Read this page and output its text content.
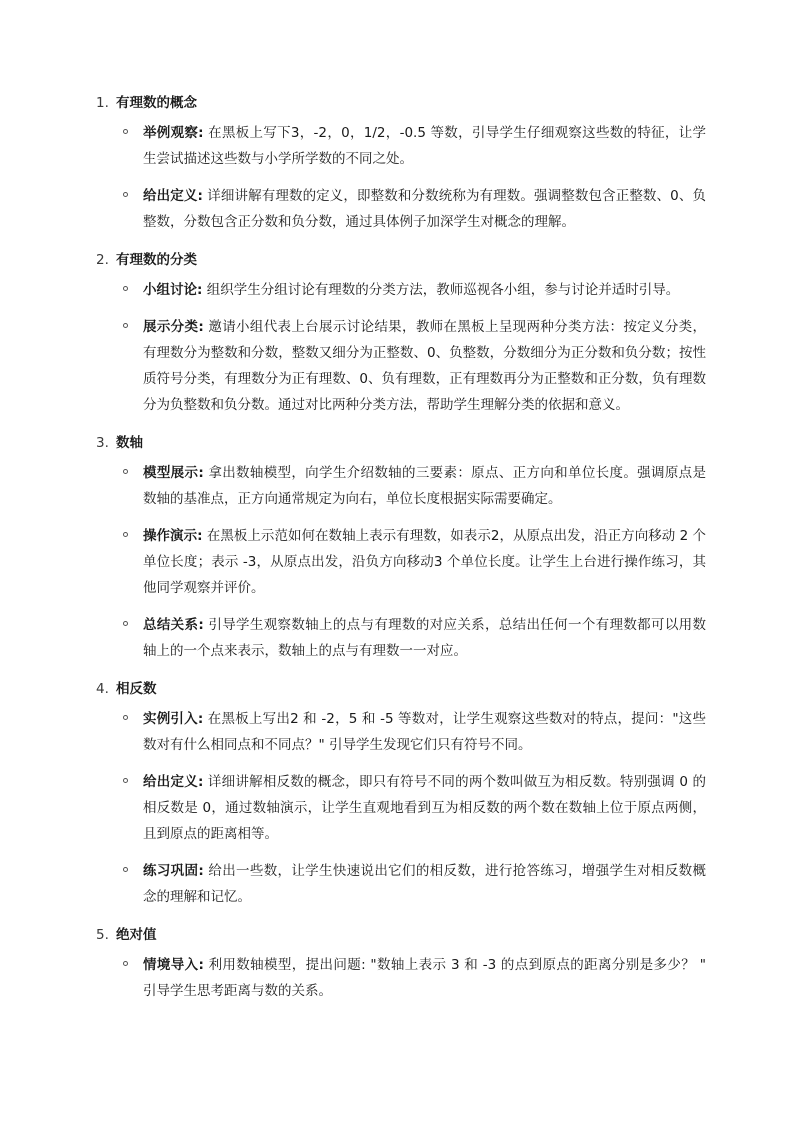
1. 有理数的概念
举例观察: 在黑板上写下3，-2，0，1/2，-0.5 等数，引导学生仔细观察这些数的特征，让学生尝试描述这些数与小学所学数的不同之处。
给出定义: 详细讲解有理数的定义，即整数和分数统称为有理数。强调整数包含正整数、0、负整数，分数包含正分数和负分数，通过具体例子加深学生对概念的理解。
2. 有理数的分类
小组讨论: 组织学生分组讨论有理数的分类方法，教师巡视各小组，参与讨论并适时引导。
展示分类: 邀请小组代表上台展示讨论结果，教师在黑板上呈现两种分类方法：按定义分类，有理数分为整数和分数，整数又细分为正整数、0、负整数，分数细分为正分数和负分数；按性质符号分类，有理数分为正有理数、0、负有理数，正有理数再分为正整数和正分数，负有理数分为负整数和负分数。通过对比两种分类方法，帮助学生理解分类的依据和意义。
3. 数轴
模型展示: 拿出数轴模型，向学生介绍数轴的三要素：原点、正方向和单位长度。强调原点是数轴的基准点，正方向通常规定为向右，单位长度根据实际需要确定。
操作演示: 在黑板上示范如何在数轴上表示有理数，如表示2，从原点出发，沿正方向移动 2 个单位长度；表示 -3，从原点出发，沿负方向移动3 个单位长度。让学生上台进行操作练习，其他同学观察并评价。
总结关系: 引导学生观察数轴上的点与有理数的对应关系，总结出任何一个有理数都可以用数轴上的一个点来表示，数轴上的点与有理数一一对应。
4. 相反数
实例引入: 在黑板上写出2 和 -2，5 和 -5 等数对，让学生观察这些数对的特点，提问："这些数对有什么相同点和不同点？" 引导学生发现它们只有符号不同。
给出定义: 详细讲解相反数的概念，即只有符号不同的两个数叫做互为相反数。特别强调 0 的相反数是 0，通过数轴演示，让学生直观地看到互为相反数的两个数在数轴上位于原点两侧，且到原点的距离相等。
练习巩固: 给出一些数，让学生快速说出它们的相反数，进行抢答练习，增强学生对相反数概念的理解和记忆。
5. 绝对值
情境导入: 利用数轴模型，提出问题: "数轴上表示 3 和 -3 的点到原点的距离分别是多少？ " 引导学生思考距离与数的关系。
